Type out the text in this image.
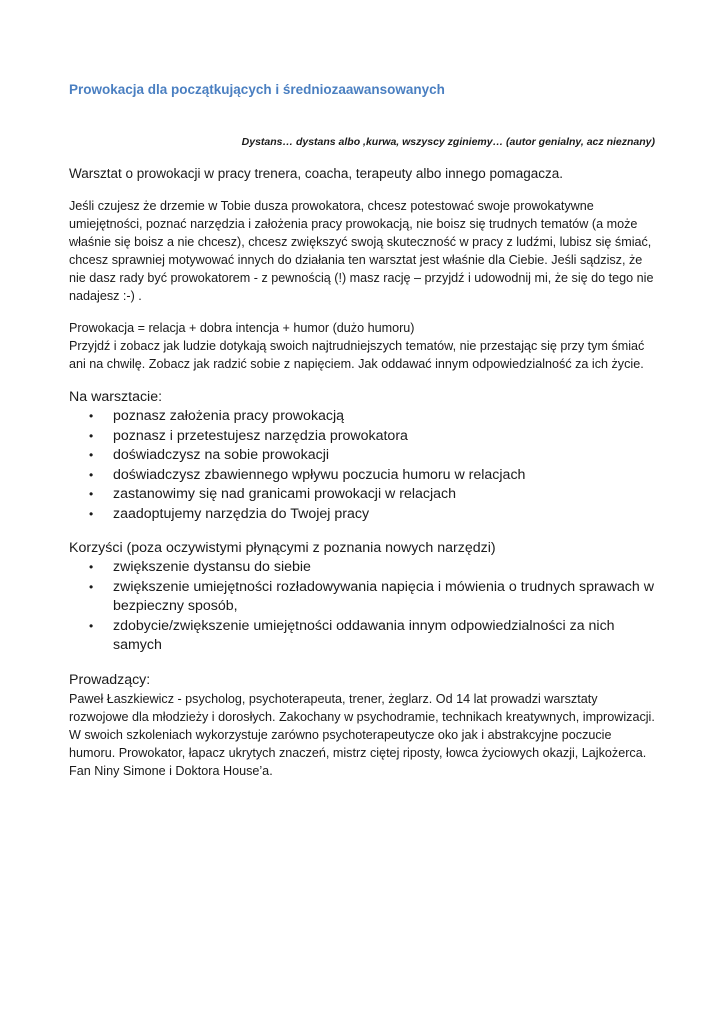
Prowokacja dla początkujących i średniozaawansowanych

Dystans… dystans albo ,kurwa, wszyscy zginiemy… (autor genialny, acz nieznany)

Warsztat o prowokacji w pracy trenera, coacha, terapeuty albo innego pomagacza.

Jeśli czujesz że drzemie w Tobie dusza prowokatora, chcesz potestować swoje prowokatywne umiejętności, poznać narzędzia i założenia pracy prowokacją, nie boisz się trudnych tematów (a może właśnie się boisz a nie chcesz), chcesz zwiększyć swoją skuteczność w pracy z ludźmi, lubisz się śmiać, chcesz sprawniej motywować innych do działania ten warsztat jest właśnie dla Ciebie. Jeśli sądzisz, że nie dasz rady być prowokatorem - z pewnością (!) masz rację – przyjdź i udowodnij mi, że się do tego nie nadajesz :-) .

Prowokacja = relacja + dobra intencja + humor (dużo humoru)
Przyjdź i zobacz jak ludzie dotykają swoich najtrudniejszych tematów, nie przestając się przy tym śmiać ani na chwilę. Zobacz jak radzić sobie z napięciem. Jak oddawać innym odpowiedzialność za ich życie.

Na warsztacie:
• poznasz założenia pracy prowokacją
• poznasz i przetestujesz narzędzia prowokatora
• doświadczysz na sobie prowokacji
• doświadczysz zbawiennego wpływu poczucia humoru w relacjach
• zastanowimy się nad granicami prowokacji w relacjach
• zaadoptujemy narzędzia do Twojej pracy
Korzyści (poza oczywistymi płynącymi z poznania nowych narzędzi)
• zwiększenie dystansu do siebie
• zwiększenie umiejętności rozładowywania napięcia i mówienia o trudnych sprawach w bezpieczny sposób,
• zdobycie/zwiększenie umiejętności oddawania innym odpowiedzialności za nich samych
Prowadzący:

Paweł Łaszkiewicz - psycholog, psychoterapeuta, trener, żeglarz. Od 14 lat prowadzi warsztaty rozwojowe dla młodzieży i dorosłych. Zakochany w psychodramie, technikach kreatywnych, improwizacji. W swoich szkoleniach wykorzystuje zarówno psychoterapeutycze oko jak i abstrakcyjne poczucie humoru. Prowokator, łapacz ukrytych znaczeń, mistrz ciętej riposty, łowca życiowych okazji, Lajkożerca. Fan Niny Simone i Doktora House’a.
